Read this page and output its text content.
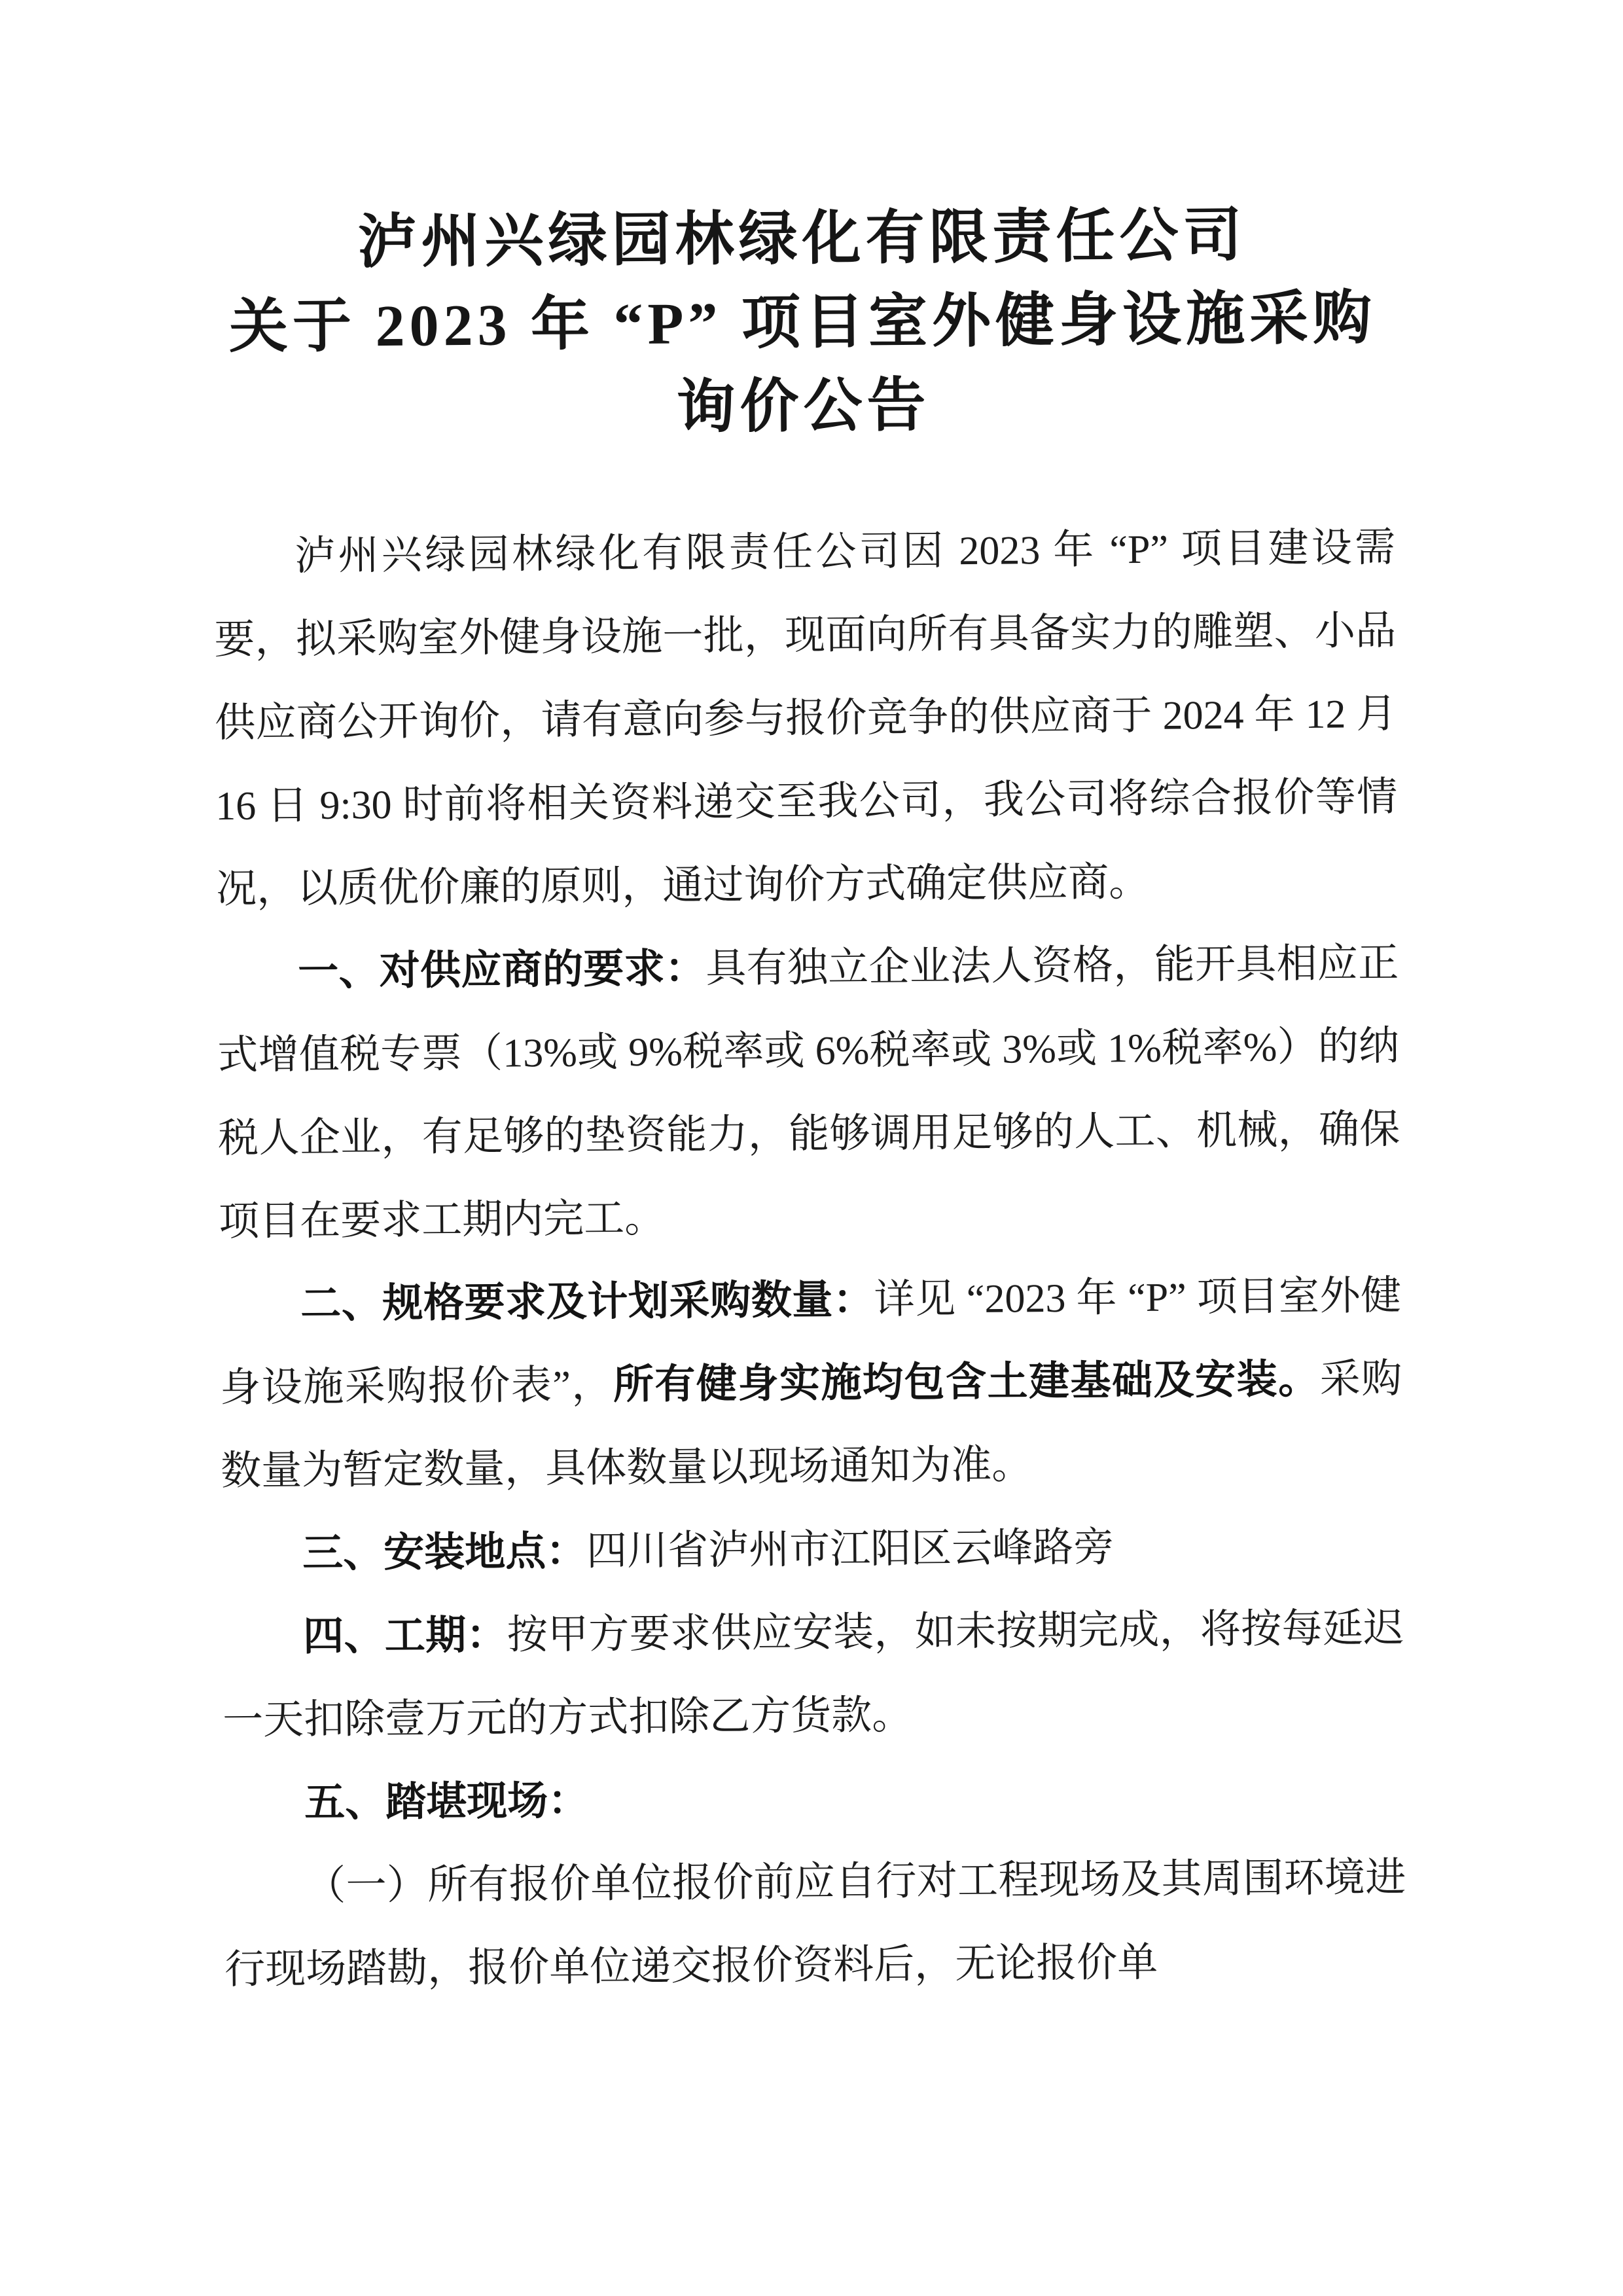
泸州兴绿园林绿化有限责任公司
关于 2023 年 “P” 项目室外健身设施采购
询价公告

泸州兴绿园林绿化有限责任公司因 2023 年 “P” 项目建设需要，拟采购室外健身设施一批，现面向所有具备实力的雕塑、小品供应商公开询价，请有意向参与报价竞争的供应商于 2024 年 12 月 16 日 9:30 时前将相关资料递交至我公司，我公司将综合报价等情况，以质优价廉的原则，通过询价方式确定供应商。

一、对供应商的要求：具有独立企业法人资格，能开具相应正式增值税专票（13%或 9%税率或 6%税率或 3%或 1%税率%）的纳税人企业，有足够的垫资能力，能够调用足够的人工、机械，确保项目在要求工期内完工。

二、规格要求及计划采购数量：详见 “2023 年 “P” 项目室外健身设施采购报价表”，所有健身实施均包含土建基础及安装。采购数量为暂定数量，具体数量以现场通知为准。

三、安装地点：四川省泸州市江阳区云峰路旁

四、工期：按甲方要求供应安装，如未按期完成，将按每延迟一天扣除壹万元的方式扣除乙方货款。

五、踏堪现场：

（一）所有报价单位报价前应自行对工程现场及其周围环境进行现场踏勘，报价单位递交报价资料后，无论报价单
